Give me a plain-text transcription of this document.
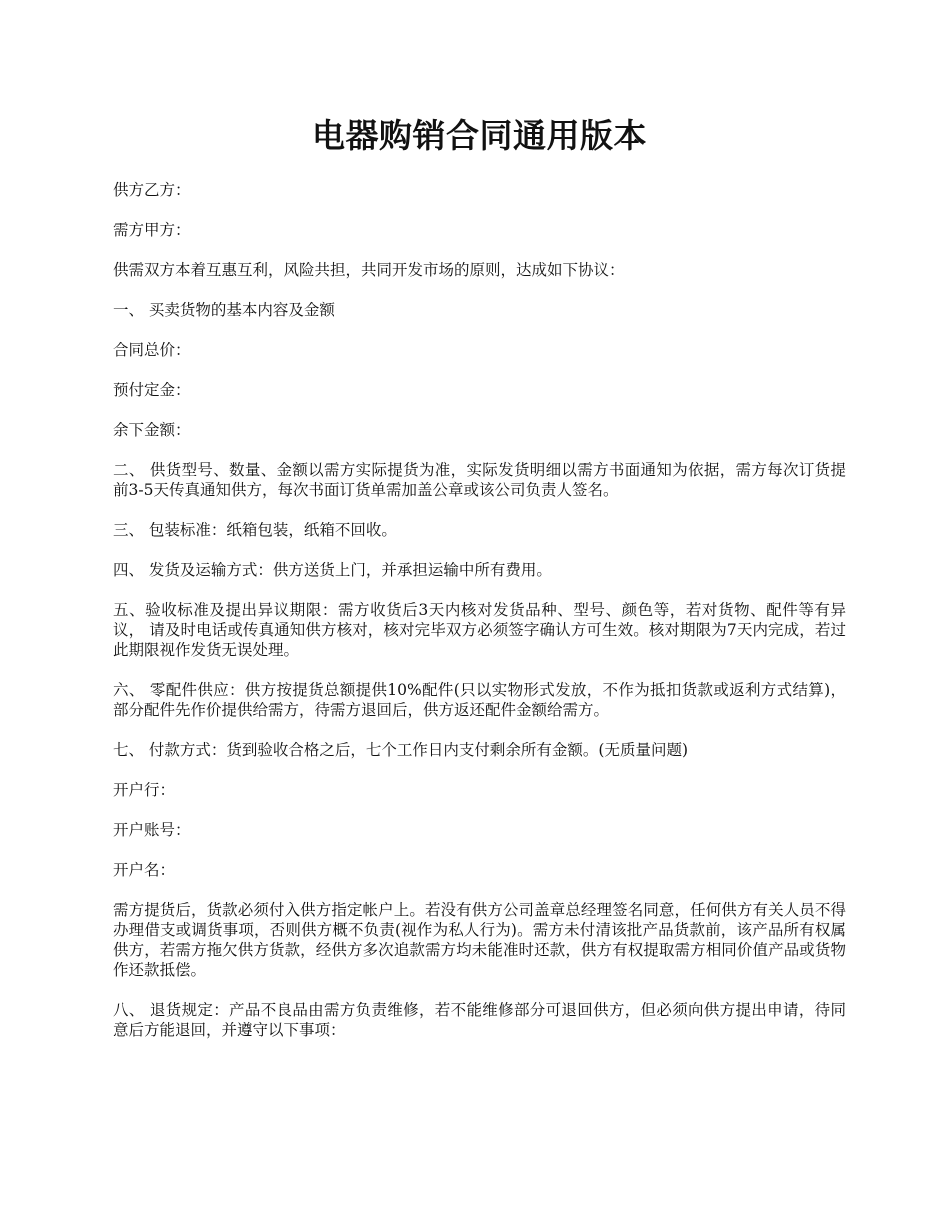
电器购销合同通用版本

供方乙方：

需方甲方：

供需双方本着互惠互利，风险共担，共同开发市场的原则，达成如下协议：

一、 买卖货物的基本内容及金额

合同总价：

预付定金：

余下金额：

二、 供货型号、数量、金额以需方实际提货为准，实际发货明细以需方书面通知为依据，需方每次订货提前3-5天传真通知供方，每次书面订货单需加盖公章或该公司负责人签名。

三、 包装标准：纸箱包装，纸箱不回收。

四、 发货及运输方式：供方送货上门，并承担运输中所有费用。

五、验收标准及提出异议期限：需方收货后3天内核对发货品种、型号、颜色等，若对货物、配件等有异议， 请及时电话或传真通知供方核对，核对完毕双方必须签字确认方可生效。核对期限为7天内完成，若过此期限视作发货无误处理。

六、 零配件供应：供方按提货总额提供10%配件(只以实物形式发放，不作为抵扣货款或返利方式结算)，部分配件先作价提供给需方，待需方退回后，供方返还配件金额给需方。

七、 付款方式：货到验收合格之后，七个工作日内支付剩余所有金额。(无质量问题)

开户行：

开户账号：

开户名：

需方提货后，货款必须付入供方指定帐户上。若没有供方公司盖章总经理签名同意，任何供方有关人员不得办理借支或调货事项，否则供方概不负责(视作为私人行为)。需方未付清该批产品货款前，该产品所有权属供方，若需方拖欠供方货款，经供方多次追款需方均未能准时还款，供方有权提取需方相同价值产品或货物作还款抵偿。

八、 退货规定：产品不良品由需方负责维修，若不能维修部分可退回供方，但必须向供方提出申请，待同意后方能退回，并遵守以下事项：
